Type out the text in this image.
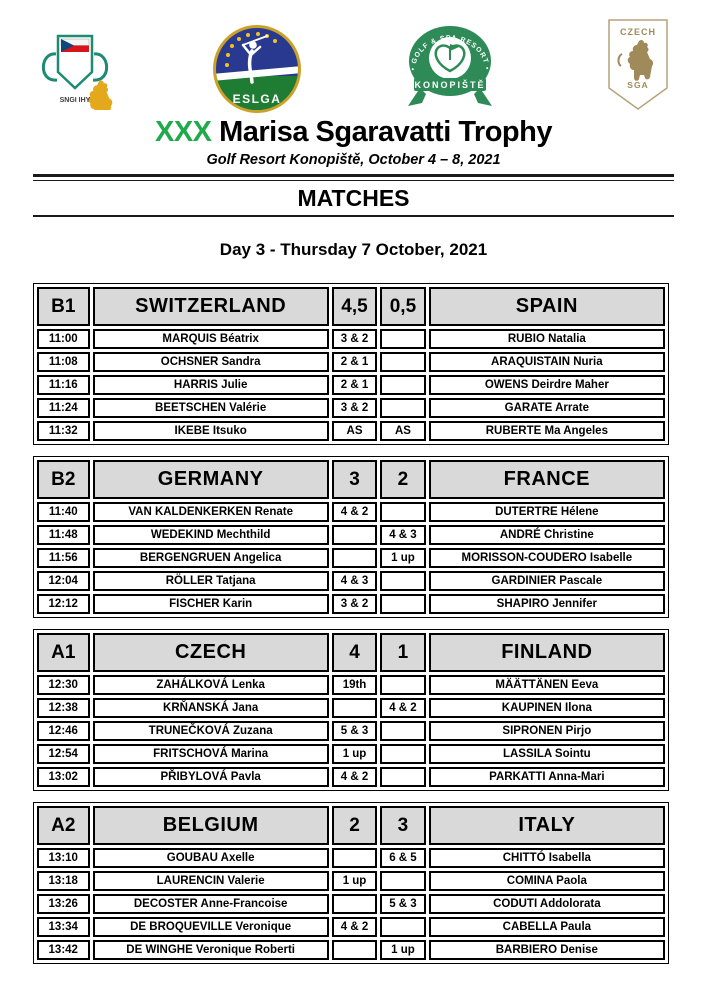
SNGI IHY	ESLGA
• GOLF & SPA RESORT •
KONOPIŠTĚ
CZECH
SGA
XXX Marisa Sgaravatti Trophy

Golf Resort Konopiště, October 4 – 8, 2021

MATCHES
Day 3 - Thursday 7 October, 2021
B1	SWITZERLAND	4,5	0,5	SPAIN
11:00	MARQUIS Béatrix	3 & 2		RUBIO Natalia
11:08	OCHSNER Sandra	2 & 1		ARAQUISTAIN Nuria
11:16	HARRIS Julie	2 & 1		OWENS Deirdre Maher
11:24	BEETSCHEN Valérie	3 & 2		GARATE Arrate
11:32	IKEBE Itsuko	AS	AS	RUBERTE Ma Angeles
B2	GERMANY	3	2	FRANCE
11:40	VAN KALDENKERKEN Renate	4 & 2		DUTERTRE Hélene
11:48	WEDEKIND Mechthild		4 & 3	ANDRÉ Christine
11:56	BERGENGRUEN Angelica		1 up	MORISSON-COUDERO Isabelle
12:04	RÖLLER Tatjana	4 & 3		GARDINIER Pascale
12:12	FISCHER Karin	3 & 2		SHAPIRO Jennifer
A1	CZECH	4	1	FINLAND
12:30	ZAHÁLKOVÁ Lenka	19th		MÄÄTTÄNEN Eeva
12:38	KRŇANSKÁ Jana		4 & 2	KAUPINEN Ilona
12:46	TRUNEČKOVÁ Zuzana	5 & 3		SIPRONEN Pirjo
12:54	FRITSCHOVÁ Marina	1 up		LASSILA Sointu
13:02	PŘIBYLOVÁ Pavla	4 & 2		PARKATTI Anna-Mari
A2	BELGIUM	2	3	ITALY
13:10	GOUBAU Axelle		6 & 5	CHITTÓ Isabella
13:18	LAURENCIN Valerie	1 up		COMINA Paola
13:26	DECOSTER Anne-Francoise		5 & 3	CODUTI Addolorata
13:34	DE BROQUEVILLE Veronique	4 & 2		CABELLA Paula
13:42	DE WINGHE Veronique Roberti		1 up	BARBIERO Denise
